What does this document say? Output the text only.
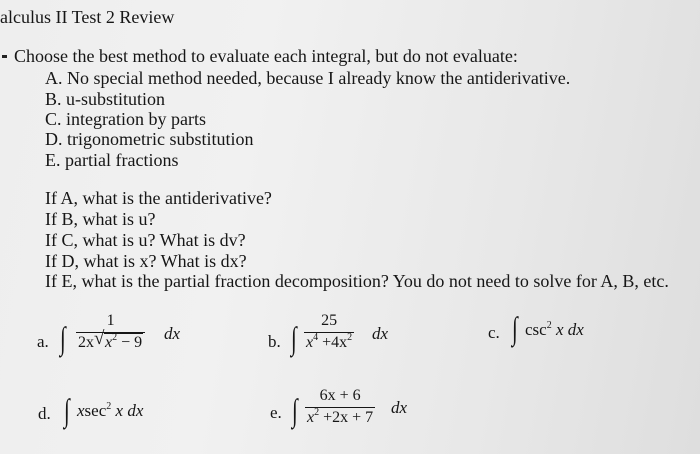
alculus II Test 2 Review
Choose the best method to evaluate each integral, but do not evaluate:
A. No special method needed, because I already know the antiderivative.
B. u-substitution
C. integration by parts
D. trigonometric substitution
E. partial fractions
If A, what is the antiderivative?
If B, what is u?
If C, what is u? What is dv?
If D, what is x? What is dx?
If E, what is the partial fraction decomposition? You do not need to solve for A, B, etc.
a. ∫	1
2x √ $x^2 - 9$ dx	b. ∫ 25
$x^4 +4x^2$ dx	c. ∫ $\csc^2 x$ dx
d. ∫ xsec$^2$ x dx	e. ∫ 6x + 6
$x^2 +2x + 7$
dx
